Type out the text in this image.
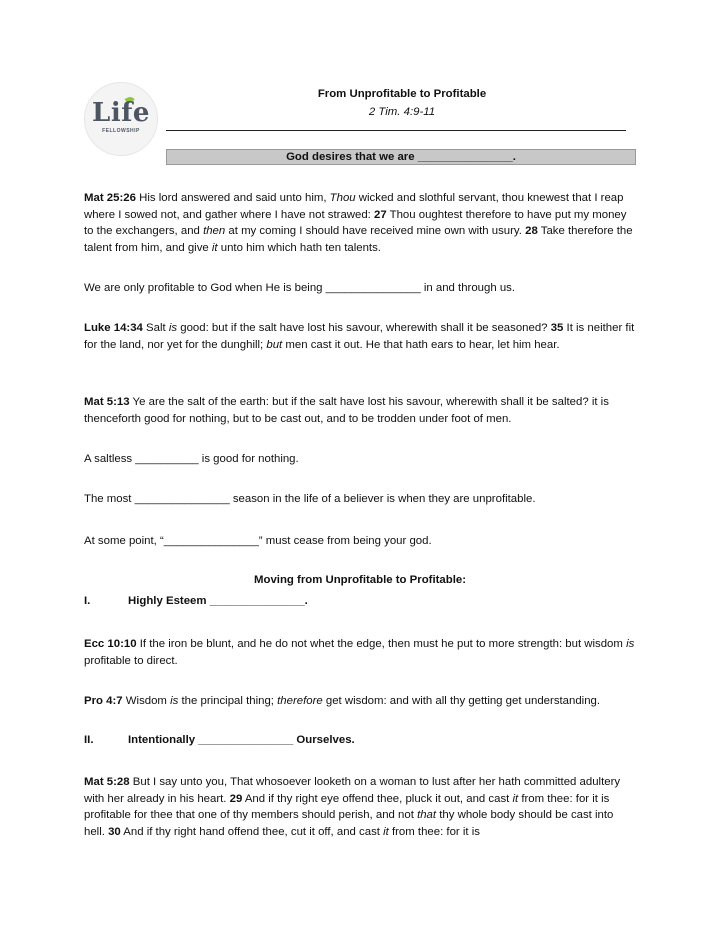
Life
FELLOWSHIP
From Unprofitable to Profitable
2 Tim. 4:9-11
God desires that we are _______________.
Mat 25:26 His lord answered and said unto him, Thou wicked and slothful servant, thou knewest that I reap where I sowed not, and gather where I have not strawed: 27 Thou oughtest therefore to have put my money to the exchangers, and then at my coming I should have received mine own with usury. 28 Take therefore the talent from him, and give it unto him which hath ten talents.
We are only profitable to God when He is being _______________ in and through us.
Luke 14:34 Salt is good: but if the salt have lost his savour, wherewith shall it be seasoned? 35 It is neither fit for the land, nor yet for the dunghill; but men cast it out. He that hath ears to hear, let him hear.
Mat 5:13 Ye are the salt of the earth: but if the salt have lost his savour, wherewith shall it be salted? it is thenceforth good for nothing, but to be cast out, and to be trodden under foot of men.
A saltless __________ is good for nothing.
The most _______________ season in the life of a believer is when they are unprofitable.
At some point, “_______________” must cease from being your god.
Moving from Unprofitable to Profitable:
I.	Highly Esteem _______________.
Ecc 10:10 If the iron be blunt, and he do not whet the edge, then must he put to more strength: but wisdom is profitable to direct.
Pro 4:7 Wisdom is the principal thing; therefore get wisdom: and with all thy getting get understanding.
II.	Intentionally _______________ Ourselves.
Mat 5:28 But I say unto you, That whosoever looketh on a woman to lust after her hath committed adultery with her already in his heart. 29 And if thy right eye offend thee, pluck it out, and cast it from thee: for it is profitable for thee that one of thy members should perish, and not that thy whole body should be cast into hell. 30 And if thy right hand offend thee, cut it off, and cast it from thee: for it is
